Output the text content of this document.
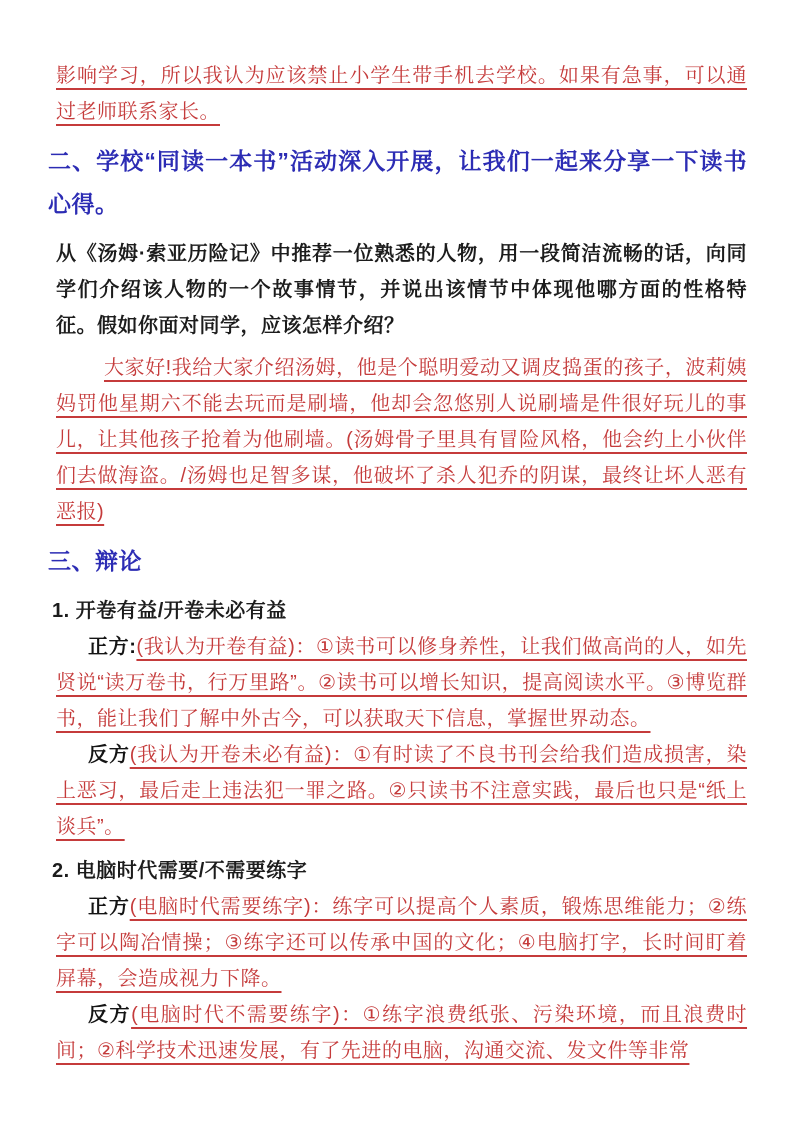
影响学习，所以我认为应该禁止小学生带手机去学校。如果有急事，可以通过老师联系家长。

二、学校“同读一本书”活动深入开展，让我们一起来分享一下读书心得。

从《汤姆·索亚历险记》中推荐一位熟悉的人物，用一段简洁流畅的话，向同学们介绍该人物的一个故事情节，并说出该情节中体现他哪方面的性格特征。假如你面对同学，应该怎样介绍？

大家好!我给大家介绍汤姆，他是个聪明爱动又调皮捣蛋的孩子，波莉姨妈罚他星期六不能去玩而是刷墙，他却会忽悠别人说刷墙是件很好玩儿的事儿，让其他孩子抢着为他刷墙。(汤姆骨子里具有冒险风格，他会约上小伙伴们去做海盗。/汤姆也足智多谋，他破坏了杀人犯乔的阴谋，最终让坏人恶有恶报)

三、辩论

1. 开卷有益/开卷未必有益

正方:(我认为开卷有益)：①读书可以修身养性，让我们做高尚的人，如先贤说“读万卷书，行万里路”。②读书可以增长知识，提高阅读水平。③博览群书，能让我们了解中外古今，可以获取天下信息，掌握世界动态。

反方(我认为开卷未必有益)：①有时读了不良书刊会给我们造成损害，染上恶习，最后走上违法犯一罪之路。②只读书不注意实践，最后也只是“纸上谈兵”。

2. 电脑时代需要/不需要练字

正方(电脑时代需要练字)：练字可以提高个人素质，锻炼思维能力；②练字可以陶冶情操；③练字还可以传承中国的文化；④电脑打字，长时间盯着屏幕，会造成视力下降。

反方(电脑时代不需要练字)：①练字浪费纸张、污染环境，而且浪费时间；②科学技术迅速发展，有了先进的电脑，沟通交流、发文件等非常
